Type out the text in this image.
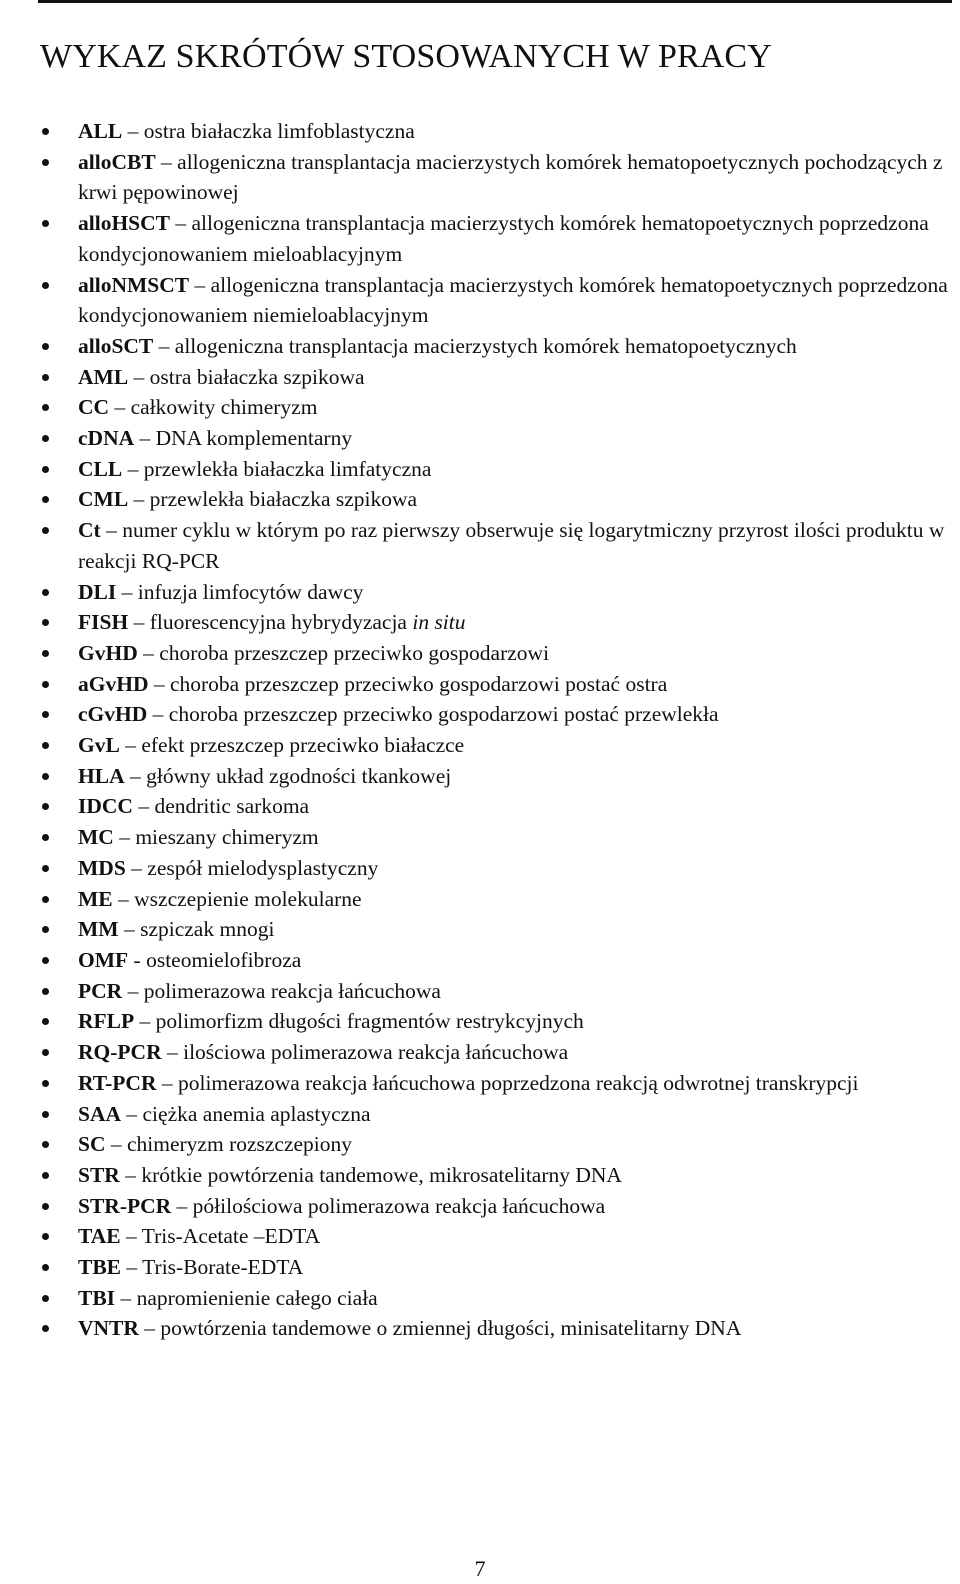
WYKAZ SKRÓTÓW STOSOWANYCH W PRACY
ALL – ostra białaczka limfoblastyczna
alloCBT – allogeniczna transplantacja macierzystych komórek hematopoetycznych pochodzących z krwi pępowinowej
alloHSCT – allogeniczna transplantacja macierzystych komórek hematopoetycznych poprzedzona kondycjonowaniem mieloablacyjnym
alloNMSCT – allogeniczna transplantacja macierzystych komórek hematopoetycznych poprzedzona kondycjonowaniem niemieloablacyjnym
alloSCT – allogeniczna transplantacja macierzystych komórek hematopoetycznych
AML – ostra białaczka szpikowa
CC – całkowity chimeryzm
cDNA – DNA komplementarny
CLL – przewlekła białaczka limfatyczna
CML – przewlekła białaczka szpikowa
Ct – numer cyklu w którym po raz pierwszy obserwuje się logarytmiczny przyrost ilości produktu w reakcji RQ-PCR
DLI – infuzja limfocytów dawcy
FISH – fluorescencyjna hybrydyzacja in situ
GvHD – choroba przeszczep przeciwko gospodarzowi
aGvHD – choroba przeszczep przeciwko gospodarzowi postać ostra
cGvHD – choroba przeszczep przeciwko gospodarzowi postać przewlekła
GvL – efekt przeszczep przeciwko białaczce
HLA – główny układ zgodności tkankowej
IDCC – dendritic sarkoma
MC – mieszany chimeryzm
MDS – zespół mielodysplastyczny
ME – wszczepienie molekularne
MM – szpiczak mnogi
OMF - osteomielofibroza
PCR – polimerazowa reakcja łańcuchowa
RFLP – polimorfizm długości fragmentów restrykcyjnych
RQ-PCR – ilościowa polimerazowa reakcja łańcuchowa
RT-PCR – polimerazowa reakcja łańcuchowa poprzedzona reakcją odwrotnej transkrypcji
SAA – ciężka anemia aplastyczna
SC – chimeryzm rozszczepiony
STR – krótkie powtórzenia tandemowe, mikrosatelitarny DNA
STR-PCR – półilościowa polimerazowa reakcja łańcuchowa
TAE – Tris-Acetate –EDTA
TBE – Tris-Borate-EDTA
TBI – napromienienie całego ciała
VNTR – powtórzenia tandemowe o zmiennej długości, minisatelitarny DNA
7
